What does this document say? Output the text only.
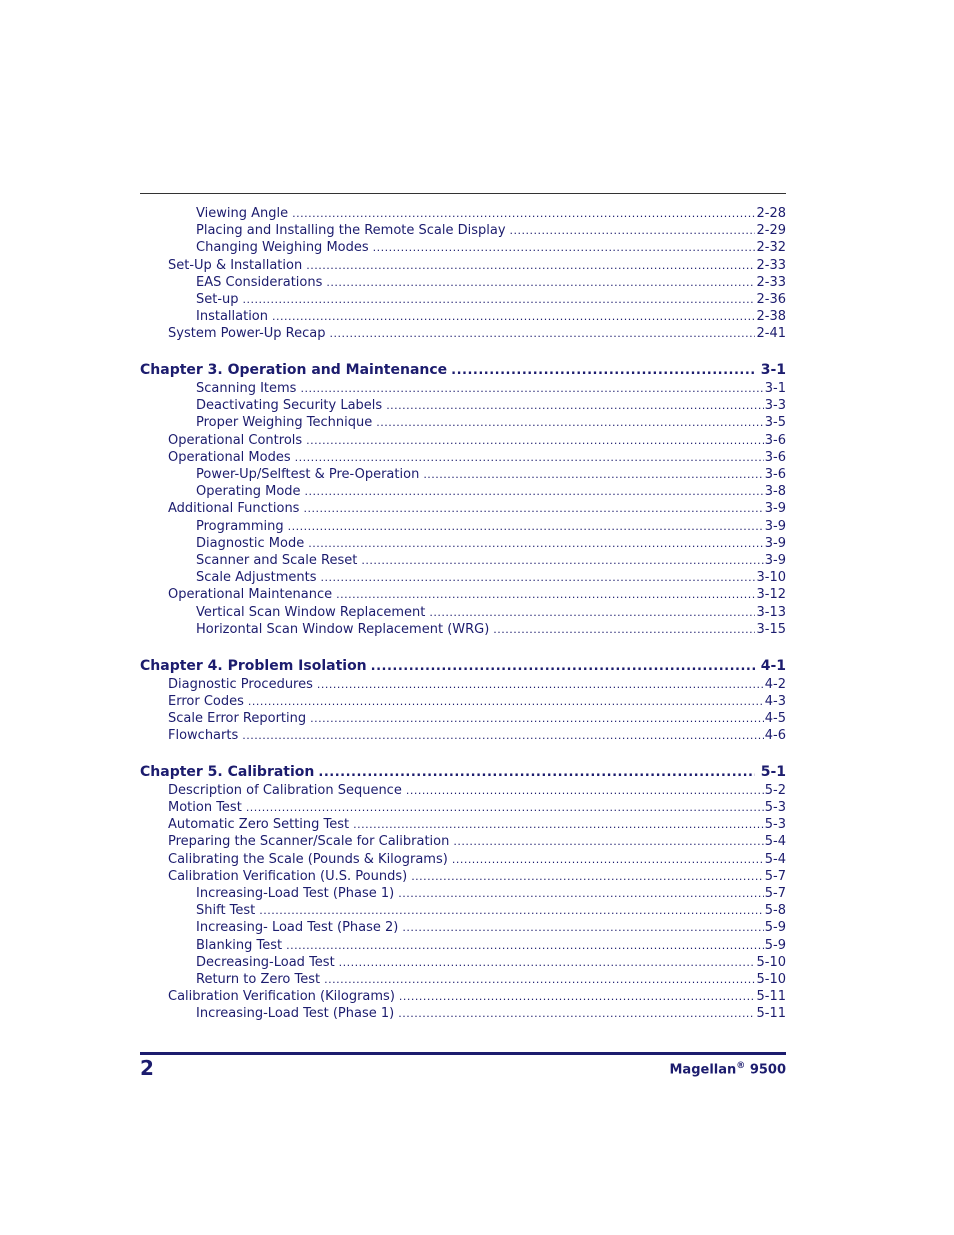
Viewing Angle .....	2-28
Placing and Installing the Remote Scale Display .....	2-29
Changing Weighing Modes .....	2-32
Set-Up & Installation .....	2-33
EAS Considerations .....	2-33
Set-up .....	2-36
Installation .....	2-38
System Power-Up Recap .....	2-41
Chapter 3. Operation and Maintenance .....	3-1
Scanning Items .....	3-1
Deactivating Security Labels .....	3-3
Proper Weighing Technique .....	3-5
Operational Controls .....	3-6
Operational Modes .....	3-6
Power-Up/Selftest & Pre-Operation .....	3-6
Operating Mode .....	3-8
Additional Functions .....	3-9
Programming .....	3-9
Diagnostic Mode .....	3-9
Scanner and Scale Reset .....	3-9
Scale Adjustments .....	3-10
Operational Maintenance .....	3-12
Vertical Scan Window Replacement .....	3-13
Horizontal Scan Window Replacement (WRG) .....	3-15
Chapter 4. Problem Isolation .....	4-1
Diagnostic Procedures .....	4-2
Error Codes .....	4-3
Scale Error Reporting .....	4-5
Flowcharts .....	4-6
Chapter 5. Calibration .....	5-1
Description of Calibration Sequence .....	5-2
Motion Test .....	5-3
Automatic Zero Setting Test .....	5-3
Preparing the Scanner/Scale for Calibration .....	5-4
Calibrating the Scale (Pounds & Kilograms) .....	5-4
Calibration Verification (U.S. Pounds) .....	5-7
Increasing-Load Test (Phase 1) .....	5-7
Shift Test .....	5-8
Increasing- Load Test (Phase 2) .....	5-9
Blanking Test .....	5-9
Decreasing-Load Test .....	5-10
Return to Zero Test .....	5-10
Calibration Verification (Kilograms) .....	5-11
Increasing-Load Test (Phase 1) .....	5-11
2	Magellan® 9500
